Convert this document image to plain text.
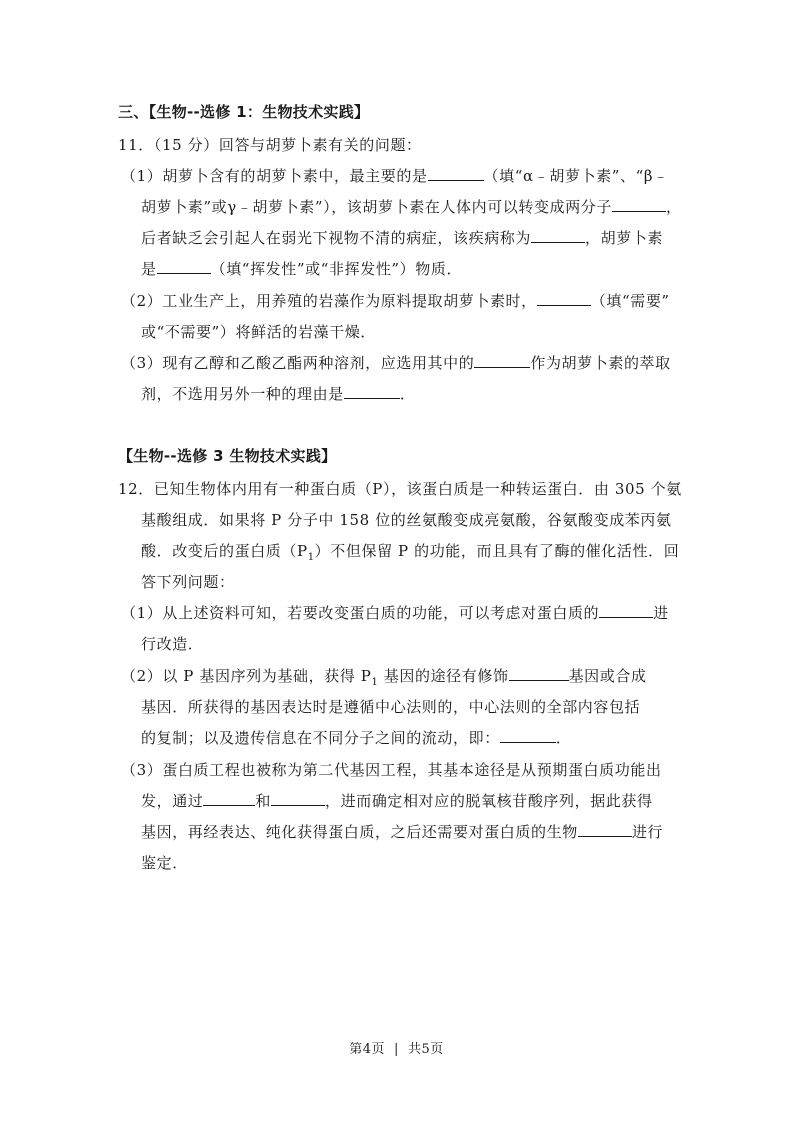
三、【生物--选修 1：生物技术实践】
11．（15 分）回答与胡萝卜素有关的问题：
（1）胡萝卜含有的胡萝卜素中，最主要的是	（填“α﹣胡萝卜素”、“β﹣
胡萝卜素”或γ﹣胡萝卜素”），该胡萝卜素在人体内可以转变成两分子	，
后者缺乏会引起人在弱光下视物不清的病症，该疾病称为	，胡萝卜素
是	（填“挥发性”或“非挥发性”）物质．
（2）工业生产上，用养殖的岩藻作为原料提取胡萝卜素时，	（填“需要”
或“不需要”）将鲜活的岩藻干燥．
（3）现有乙醇和乙酸乙酯两种溶剂，应选用其中的	作为胡萝卜素的萃取
剂，不选用另外一种的理由是	．
【生物--选修 3 生物技术实践】
12．已知生物体内用有一种蛋白质（P），该蛋白质是一种转运蛋白．由 305 个氨
基酸组成．如果将 P 分子中 158 位的丝氨酸变成亮氨酸，谷氨酸变成苯丙氨
酸．改变后的蛋白质$(P_1)$不但保留 P 的功能，而且具有了酶的催化活性．回
答下列问题：
（1）从上述资料可知，若要改变蛋白质的功能，可以考虑对蛋白质的	进
行改造．
（2）以 P 基因序列为基础，获得 $P_1$ 基因的途径有修饰	基因或合成
基因．所获得的基因表达时是遵循中心法则的，中心法则的全部内容包括
的复制；以及遗传信息在不同分子之间的流动，即：	．
（3）蛋白质工程也被称为第二代基因工程，其基本途径是从预期蛋白质功能出
发，通过	和	，进而确定相对应的脱氧核苷酸序列，据此获得
基因，再经表达、纯化获得蛋白质，之后还需要对蛋白质的生物	进行
鉴定．
第4页 | 共5页
